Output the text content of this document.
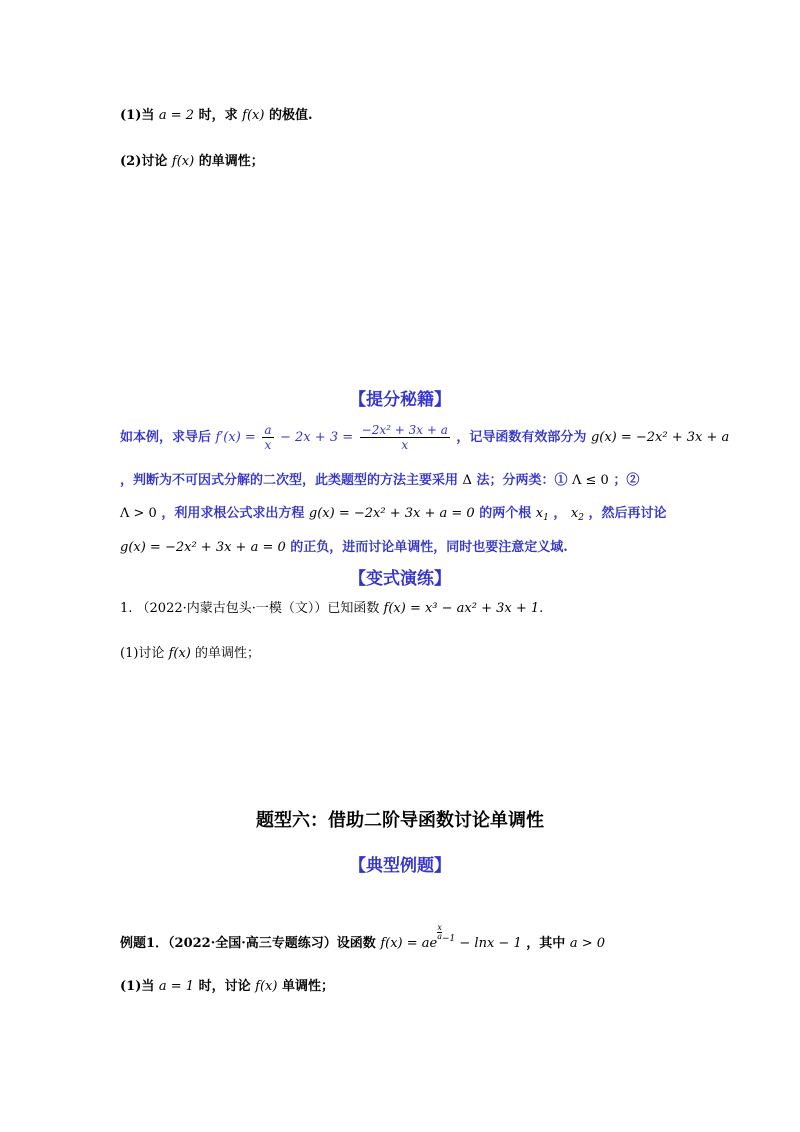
(1)当 a = 2 时，求 f(x) 的极值.
(2)讨论 f(x) 的单调性；
【提分秘籍】
如本例，求导后 $f'(x) = \frac{a}{x} - 2x + 3 = \frac{\text{−2x² + 3x + a}}{x}$ ，记导函数有效部分为 g(x) = −2x² + 3x + a
，判断为不可因式分解的二次型，此类题型的方法主要采用 Δ 法；分两类：① Λ ≤ 0 ；②
Λ > 0 ，利用求根公式求出方程 g(x) = −2x² + 3x + a = 0 的两个根 $x_1$ ， $x_2$ ，然后再讨论
g(x) = −2x² + 3x + a = 0 的正负，进而讨论单调性，同时也要注意定义域.
【变式演练】
1. （2022·内蒙古包头·一模（文））已知函数 f(x) = x³ − ax² + 3x + 1.
(1)讨论 f(x) 的单调性；
题型六：借助二阶导函数讨论单调性
【典型例题】
例题1．（2022·全国·高三专题练习）设函数 f(x) = ae
$\frac{x}{a} ^{-1} - \ln x - 1$ ，其中 a > 0
(1)当 a = 1 时，讨论 f(x) 单调性；
